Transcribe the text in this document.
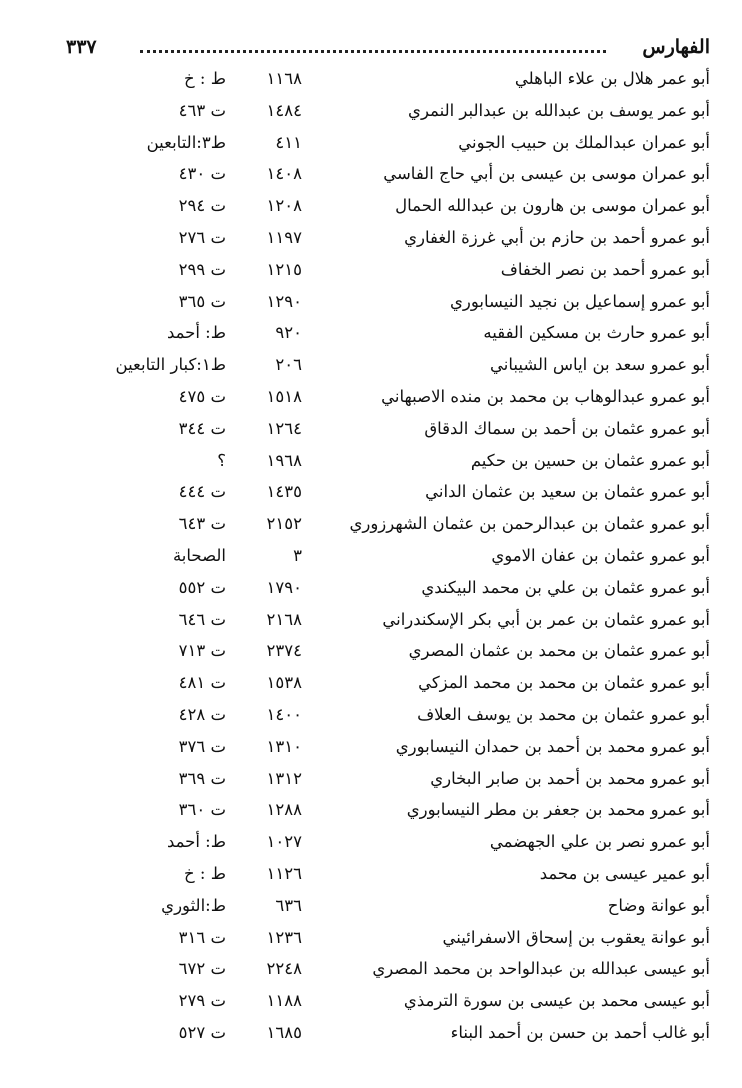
الفهارس
٣٣٧
أبو عمر هلال بن علاء الباهلي
١١٦٨
ط : خ
أبو عمر يوسف بن عبدالله بن عبدالبر النمري
١٤٨٤
ت ٤٦٣
أبو عمران عبدالملك بن حبيب الجوني
٤١١
ط٣:التابعين
أبو عمران موسى بن عيسى بن أبي حاج الفاسي
١٤٠٨
ت ٤٣٠
أبو عمران موسى بن هارون بن عبدالله الحمال
١٢٠٨
ت ٢٩٤
أبو عمرو أحمد بن حازم بن أبي غرزة الغفاري
١١٩٧
ت ٢٧٦
أبو عمرو أحمد بن نصر الخفاف
١٢١٥
ت ٢٩٩
أبو عمرو إسماعيل بن نجيد النيسابوري
١٢٩٠
ت ٣٦٥
أبو عمرو حارث بن مسكين الفقيه
٩٢٠
ط: أحمد
أبو عمرو سعد بن اياس الشيباني
٢٠٦
ط١:كبار التابعين
أبو عمرو عبدالوهاب بن محمد بن منده الاصبهاني
١٥١٨
ت ٤٧٥
أبو عمرو عثمان بن أحمد بن سماك الدقاق
١٢٦٤
ت ٣٤٤
أبو عمرو عثمان بن حسين بن حكيم
١٩٦٨
؟
أبو عمرو عثمان بن سعيد بن عثمان الداني
١٤٣٥
ت ٤٤٤
أبو عمرو عثمان بن عبدالرحمن بن عثمان الشهرزوري
٢١٥٢
ت ٦٤٣
أبو عمرو عثمان بن عفان الاموي
٣
الصحابة
أبو عمرو عثمان بن علي بن محمد البيكندي
١٧٩٠
ت ٥٥٢
أبو عمرو عثمان بن عمر بن أبي بكر الإسكندراني
٢١٦٨
ت ٦٤٦
أبو عمرو عثمان بن محمد بن عثمان المصري
٢٣٧٤
ت ٧١٣
أبو عمرو عثمان بن محمد بن محمد المزكي
١٥٣٨
ت ٤٨١
أبو عمرو عثمان بن محمد بن يوسف العلاف
١٤٠٠
ت ٤٢٨
أبو عمرو محمد بن أحمد بن حمدان النيسابوري
١٣١٠
ت ٣٧٦
أبو عمرو محمد بن أحمد بن صابر البخاري
١٣١٢
ت ٣٦٩
أبو عمرو محمد بن جعفر بن مطر النيسابوري
١٢٨٨
ت ٣٦٠
أبو عمرو نصر بن علي الجهضمي
١٠٢٧
ط: أحمد
أبو عمير عيسى بن محمد
١١٢٦
ط : خ
أبو عوانة وضاح
٦٣٦
ط:الثوري
أبو عوانة يعقوب بن إسحاق الاسفرائيني
١٢٣٦
ت ٣١٦
أبو عيسى عبدالله بن عبدالواحد بن محمد المصري
٢٢٤٨
ت ٦٧٢
أبو عيسى محمد بن عيسى بن سورة الترمذي
١١٨٨
ت ٢٧٩
أبو غالب أحمد بن حسن بن أحمد البناء
١٦٨٥
ت ٥٢٧
